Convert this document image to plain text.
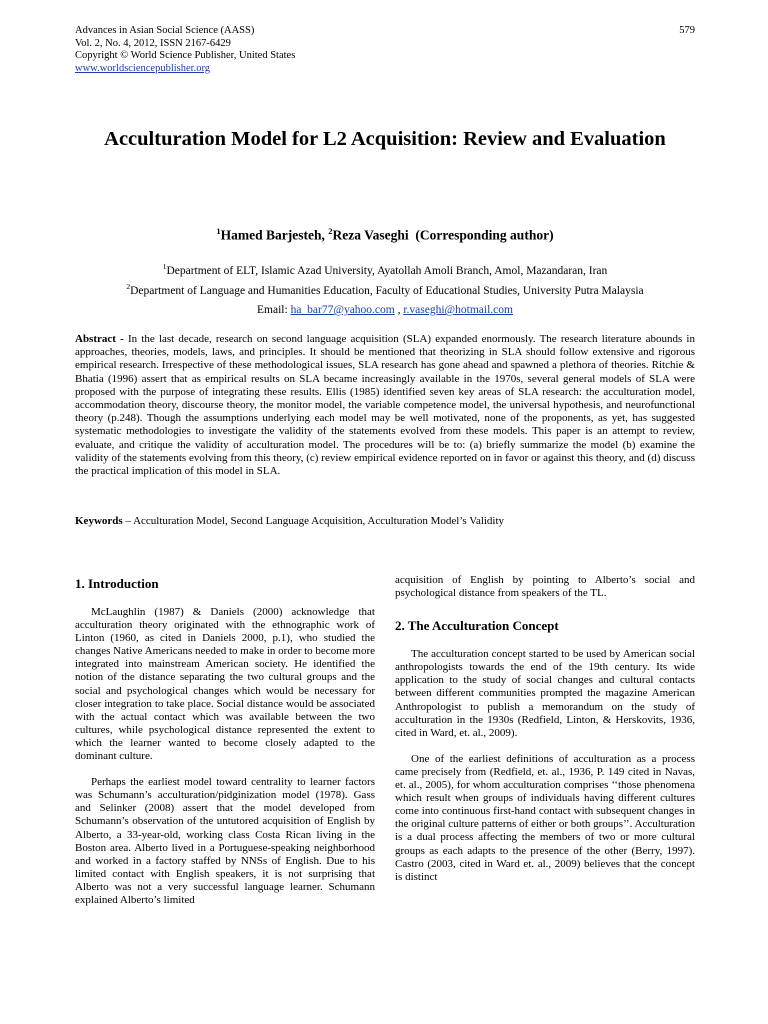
Advances in Asian Social Science (AASS)
Vol. 2, No. 4, 2012, ISSN 2167-6429
Copyright © World Science Publisher, United States
www.worldsciencepublisher.org
579
Acculturation Model for L2 Acquisition: Review and Evaluation
$^1$Hamed Barjesteh, $^2$Reza Vaseghi (Corresponding author)
$^1$Department of ELT, Islamic Azad University, Ayatollah Amoli Branch, Amol, Mazandaran, Iran
$^2$Department of Language and Humanities Education, Faculty of Educational Studies, University Putra Malaysia
Email: ha_bar77@yahoo.com , r.vaseghi@hotmail.com
Abstract - In the last decade, research on second language acquisition (SLA) expanded enormously. The research literature abounds in approaches, theories, models, laws, and principles. It should be mentioned that theorizing in SLA should follow extensive and rigorous empirical research. Irrespective of these methodological issues, SLA research has gone ahead and spawned a plethora of theories. Ritchie & Bhatia (1996) assert that as empirical results on SLA became increasingly available in the 1970s, several general models of SLA were proposed with the purpose of integrating these results. Ellis (1985) identified seven key areas of SLA research: the acculturation model, accommodation theory, discourse theory, the monitor model, the variable competence model, the universal hypothesis, and neurofunctional theory (p.248). Though the assumptions underlying each model may be well motivated, none of the proponents, as yet, has suggested systematic methodologies to investigate the validity of the statements evolved from these models. This paper is an attempt to review, evaluate, and critique the validity of acculturation model. The procedures will be to: (a) briefly summarize the model (b) examine the validity of the statements evolving from this theory, (c) review empirical evidence reported on in favor or against this theory, and (d) discuss the practical implication of this model in SLA.
Keywords – Acculturation Model, Second Language Acquisition, Acculturation Model’s Validity
1. Introduction

McLaughlin (1987) & Daniels (2000) acknowledge that acculturation theory originated with the ethnographic work of Linton (1960, as cited in Daniels 2000, p.1), who studied the changes Native Americans needed to make in order to become more integrated into mainstream American society. He identified the notion of the distance separating the two cultural groups and the social and psychological changes which would be necessary for closer integration to take place. Social distance would be associated with the actual contact which was available between the two cultures, while psychological distance represented the extent to which the learner wanted to become closely adapted to the dominant culture.

Perhaps the earliest model toward centrality to learner factors was Schumann’s acculturation/pidginization model (1978). Gass and Selinker (2008) assert that the model developed from Schumann’s observation of the untutored acquisition of English by Alberto, a 33-year-old, working class Costa Rican living in the Boston area. Alberto lived in a Portuguese-speaking neighborhood and worked in a factory staffed by NNSs of English. Due to his limited contact with English speakers, it is not surprising that Alberto was not a very successful language learner. Schumann explained Alberto’s limited

acquisition of English by pointing to Alberto’s social and psychological distance from speakers of the TL.

2. The Acculturation Concept

The acculturation concept started to be used by American social anthropologists towards the end of the 19th century. Its wide application to the study of social changes and cultural contacts between different communities prompted the magazine American Anthropologist to publish a memorandum on the study of acculturation in the 1930s (Redfield, Linton, & Herskovits, 1936, cited in Ward, et. al., 2009).

One of the earliest definitions of acculturation as a process came precisely from (Redfield, et. al., 1936, P. 149 cited in Navas, et. al., 2005), for whom acculturation comprises ‘‘those phenomena which result when groups of individuals having different cultures come into continuous first-hand contact with subsequent changes in the original culture patterns of either or both groups’’. Acculturation is a dual process affecting the members of two or more cultural groups as each adapts to the presence of the other (Berry, 1997). Castro (2003, cited in Ward et. al., 2009) believes that the concept is distinct
